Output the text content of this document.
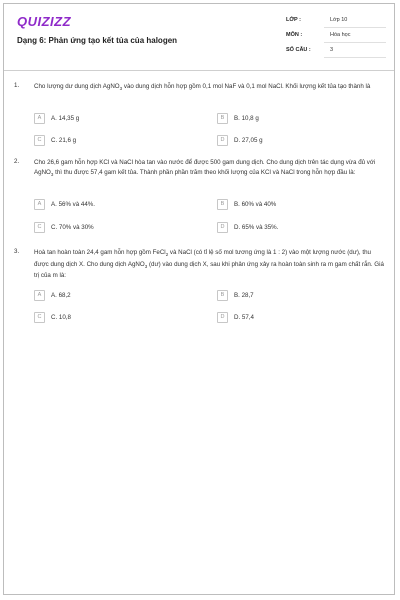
QUIZIZZ
Dạng 6: Phản ứng tạo kết tủa của halogen
LỚP :	Lớp 10
MÔN :	Hóa học
SỐ CÂU :	3
1. Cho lượng dư dung dịch AgNO$_3$ vào dung dịch hỗn hợp gồm 0,1 mol NaF và 0,1 mol NaCl. Khối lượng kết tủa tạo thành là
A A. 14,35 g	B B. 10,8 g
C C. 21,6 g	D D. 27,05 g
2. Cho 26,6 gam hỗn hợp KCl và NaCl hòa tan vào nước để được 500 gam dung dịch. Cho dung dịch trên tác dụng vừa đủ với AgNO$_3$ thì thu được 57,4 gam kết tủa. Thành phần phần trăm theo khối lượng của KCl và NaCl trong hỗn hợp đầu là:
A A. 56% và 44%.	B B. 60% và 40%
C C. 70% và 30%	D D. 65% và 35%.
3. Hoà tan hoàn toàn 24,4 gam hỗn hợp gồm FeCl$_2$ và NaCl (có tỉ lệ số mol tương ứng là 1 : 2) vào một lượng nước (dư), thu được dung dịch X. Cho dung dịch AgNO$_3$ (dư) vào dung dịch X, sau khi phản ứng xảy ra hoàn toàn sinh ra m gam chất rắn. Giá trị của m là:
A A. 68,2	B B. 28,7
C C. 10,8	D D. 57,4
